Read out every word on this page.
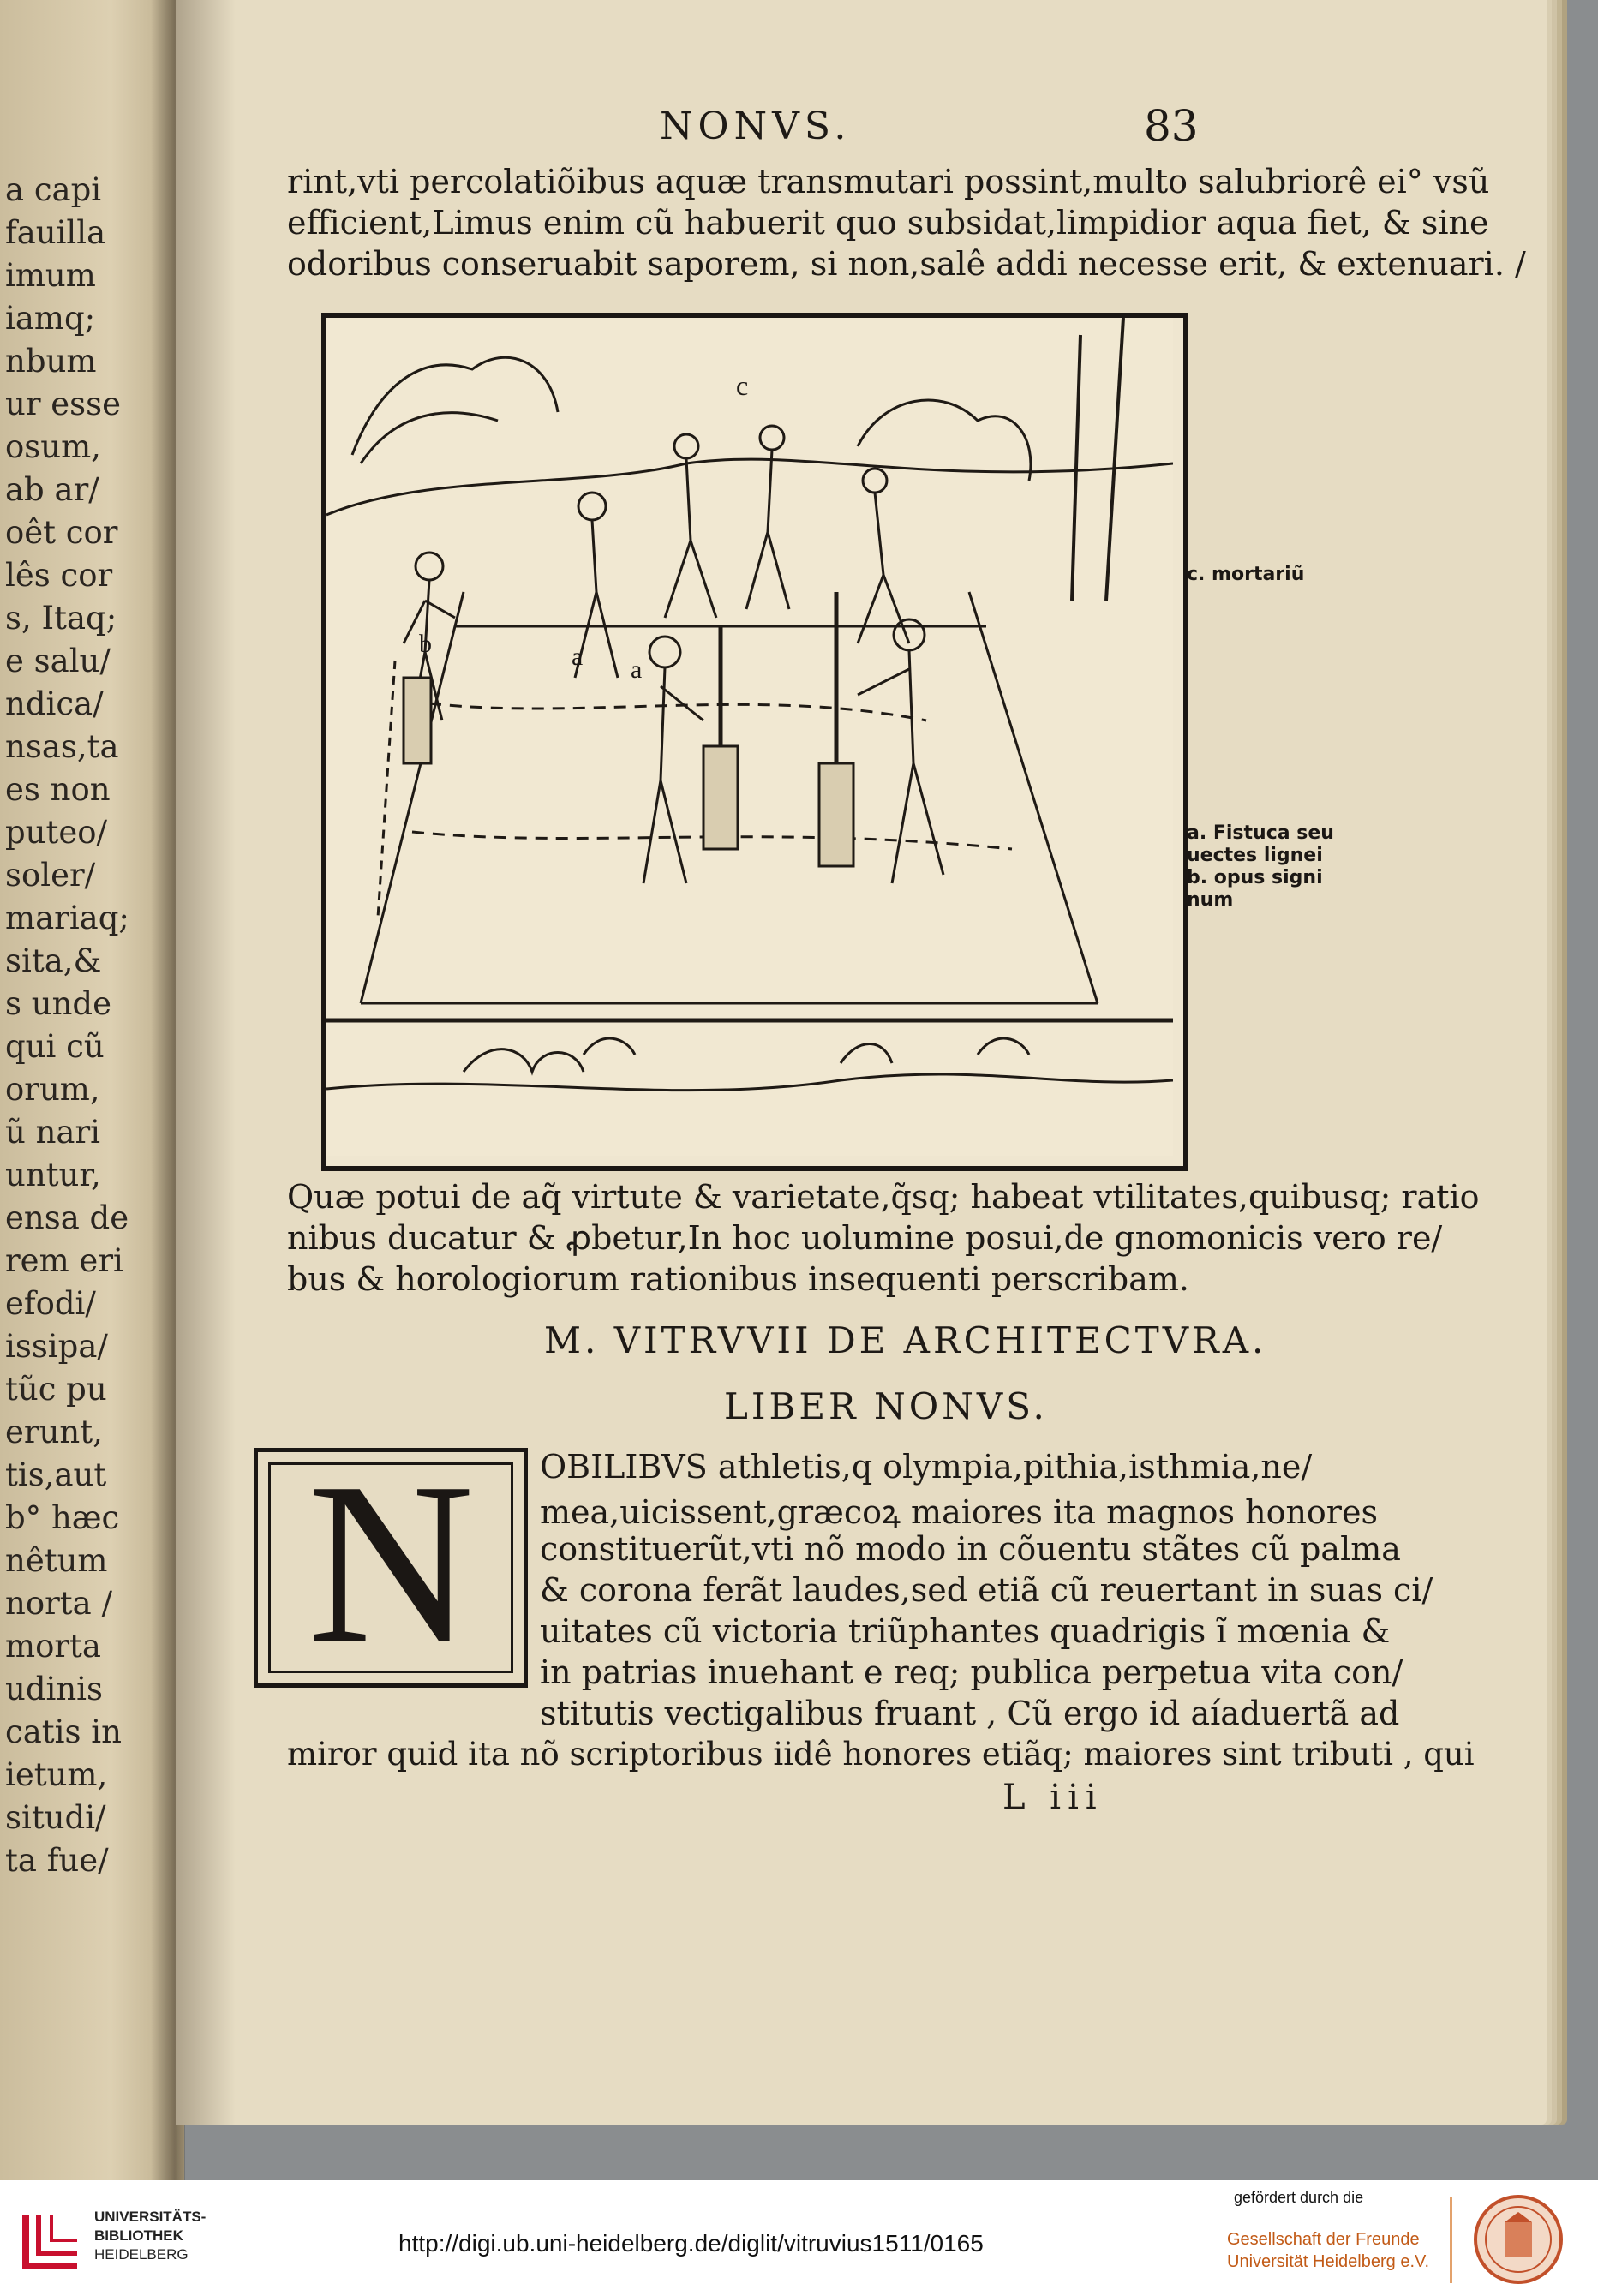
a capi
fauilla
imum
iamq;
nbum
ur esse
osum,
ab ar/
oêt cor
lês cor
s, Itaq;
e salu/
ndica/
nsas,ta
es non
puteo/
soler/
mariaq;
sita,&
s unde
qui cũ
orum,
ũ nari
untur,
ensa de
rem eri
efodi/
issipa/
tũc pu
erunt,
tis,aut
b° hæc
nêtum
norta /
morta
udinis
catis in
ietum,
situdi/
ta fue/
NONVS.	83
rint,vti percolatiõibus aquæ transmutari possint,multo salubriorê ei° vsũ
efficient,Limus enim cũ habuerit quo subsidat,limpidior aqua fiet, & sine
odoribus conseruabit saporem, si non,salê addi necesse erit, & extenuari. /
c
b	a a
c. mortariũ
a. Fistuca seu
uectes lignei
b. opus signi
num
Quæ potui de aq̃ virtute & varietate,q̃sq; habeat vtilitates,quibusq; ratio
nibus ducatur & ꝓbetur,In hoc uolumine posui,de gnomonicis vero re/
bus & horologiorum rationibus insequenti perscribam.
M. VITRVVII DE ARCHITECTVRA.
LIBER NONVS.
N	OBILIBVS athletis,q olympia,pithia,isthmia,ne/
mea,uicissent,græcoꝝ maiores ita magnos honores
constituerũt,vti nõ modo in cõuentu stãtes cũ palma
& corona ferãt laudes,sed etiã cũ reuertant in suas ci/
uitates cũ victoria triũphantes quadrigis ĩ mœnia &
in patrias inuehant e req; publica perpetua vita con/
stitutis vectigalibus fruant , Cũ ergo id aíaduertã ad
miror quid ita nõ scriptoribus iidê honores etiãq; maiores sint tributi , qui
L iii
UNIVERSITÄTS-
BIBLIOTHEK
HEIDELBERG	http://digi.ub.uni-heidelberg.de/diglit/vitruvius1511/0165
gefördert durch die
Gesellschaft der Freunde
Universität Heidelberg e.V.
